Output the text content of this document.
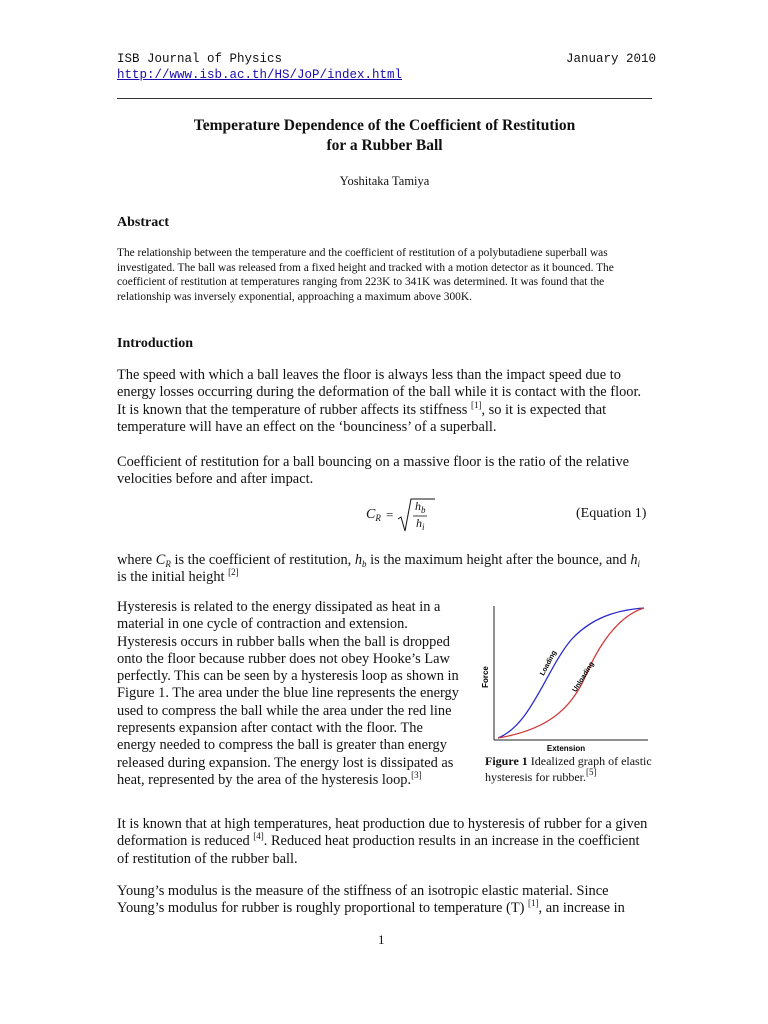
ISB Journal of Physics
http://www.isb.ac.th/HS/JoP/index.html
January 2010
Temperature Dependence of the Coefficient of Restitution
for a Rubber Ball
Yoshitaka Tamiya
Abstract
The relationship between the temperature and the coefficient of restitution of a polybutadiene superball was investigated. The ball was released from a fixed height and tracked with a motion detector as it bounced. The coefficient of restitution at temperatures ranging from 223K to 341K was determined. It was found that the relationship was inversely exponential, approaching a maximum above 300K.
Introduction
The speed with which a ball leaves the floor is always less than the impact speed due to energy losses occurring during the deformation of the ball while it is contact with the floor. It is known that the temperature of rubber affects its stiffness [1], so it is expected that temperature will have an effect on the ‘bounciness’ of a superball.
Coefficient of restitution for a ball bouncing on a massive floor is the ratio of the relative velocities before and after impact.
$C_R$ =
$h_b$
$h_i$
(Equation 1)
where $C_R$ is the coefficient of restitution, $h_b$ is the maximum height after the bounce, and $h_i$ is the initial height [2]
Hysteresis is related to the energy dissipated as heat in a material in one cycle of contraction and extension. Hysteresis occurs in rubber balls when the ball is dropped onto the floor because rubber does not obey Hooke’s Law perfectly. This can be seen by a hysteresis loop as shown in Figure 1. The area under the blue line represents the energy used to compress the ball while the area under the red line represents expansion after contact with the floor. The energy needed to compress the ball is greater than energy released during expansion. The energy lost is dissipated as heat, represented by the area of the hysteresis loop.[3]
Force
Extension
Loading Unloading
Figure 1 Idealized graph of elastic hysteresis for rubber.[5]
It is known that at high temperatures, heat production due to hysteresis of rubber for a given deformation is reduced [4]. Reduced heat production results in an increase in the coefficient of restitution of the rubber ball.
Young’s modulus is the measure of the stiffness of an isotropic elastic material. Since Young’s modulus for rubber is roughly proportional to temperature (T) [1], an increase in
1
